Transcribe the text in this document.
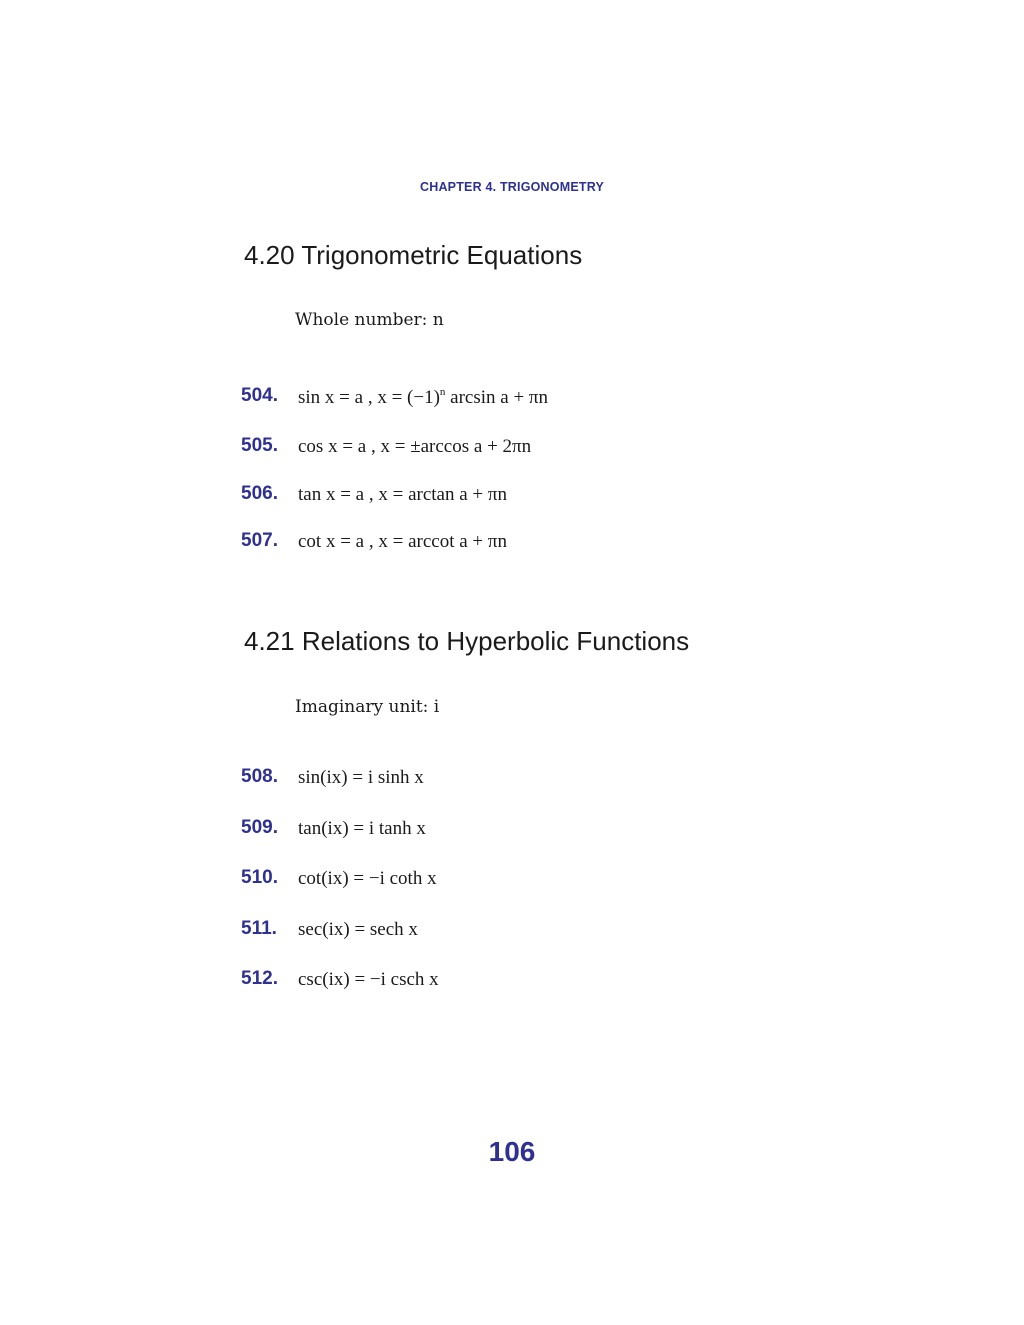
CHAPTER 4. TRIGONOMETRY
4.20 Trigonometric Equations
Whole number: n
504. sin x = a , $x = (-1)^n$ arcsin a + πn
505. cos x = a , x = ±arccos a + 2πn
506. tan x = a , x = arctan a + πn
507. cot x = a , x = arccot a + πn
4.21 Relations to Hyperbolic Functions
Imaginary unit: i
508. sin(ix) = i sinh x
509. tan(ix) = i tanh x
510. cot(ix) = −i coth x
511. sec(ix) = sech x
512. csc(ix) = −i csch x
106
